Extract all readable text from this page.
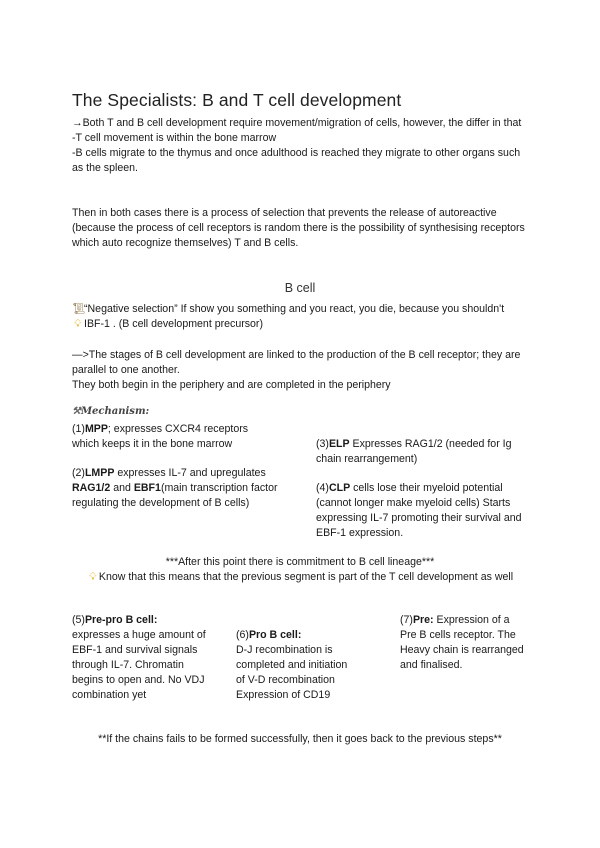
The Specialists: B and T cell development

→Both T and B cell development require movement/migration of cells, however, the differ in that

-T cell movement is within the bone marrow

-B cells migrate to the thymus and once adulthood is reached they migrate to other organs such as the spleen.

Then in both cases there is a process of selection that prevents the release of autoreactive (because the process of cell receptors is random there is the possibility of synthesising receptors which auto recognize themselves) T and B cells.

B cell

📜︎“Negative selection” If show you something and you react, you die, because you shouldn't

💡︎ IBF-1 . (B cell development precursor)

—>The stages of B cell development are linked to the production of the B cell receptor; they are parallel to one another.

They both begin in the periphery and are completed in the periphery

⚒Mechanism:

(1)MPP; expresses CXCR4 receptors

which keeps it in the bone marrow

(2)LMPP expresses IL-7 and upregulates
RAG1/2 and EBF1(main transcription factor regulating the development of B cells)

(3)ELP Expresses RAG1/2 (needed for Ig chain rearrangement)

(4)CLP cells lose their myeloid potential (cannot longer make myeloid cells) Starts expressing IL-7 promoting their survival and EBF-1 expression.

***After this point there is commitment to B cell lineage***

💡︎ Know that this means that the previous segment is part of the T cell development as well

(5)Pre-pro B cell:

expresses a huge amount of EBF-1 and survival signals through IL-7. Chromatin begins to open and. No VDJ combination yet

(6)Pro B cell:

D-J recombination is completed and initiation of V-D recombination Expression of CD19

(7)Pre: Expression of a Pre B cells receptor. The Heavy chain is rearranged and finalised.

**If the chains fails to be formed successfully, then it goes back to the previous steps**
